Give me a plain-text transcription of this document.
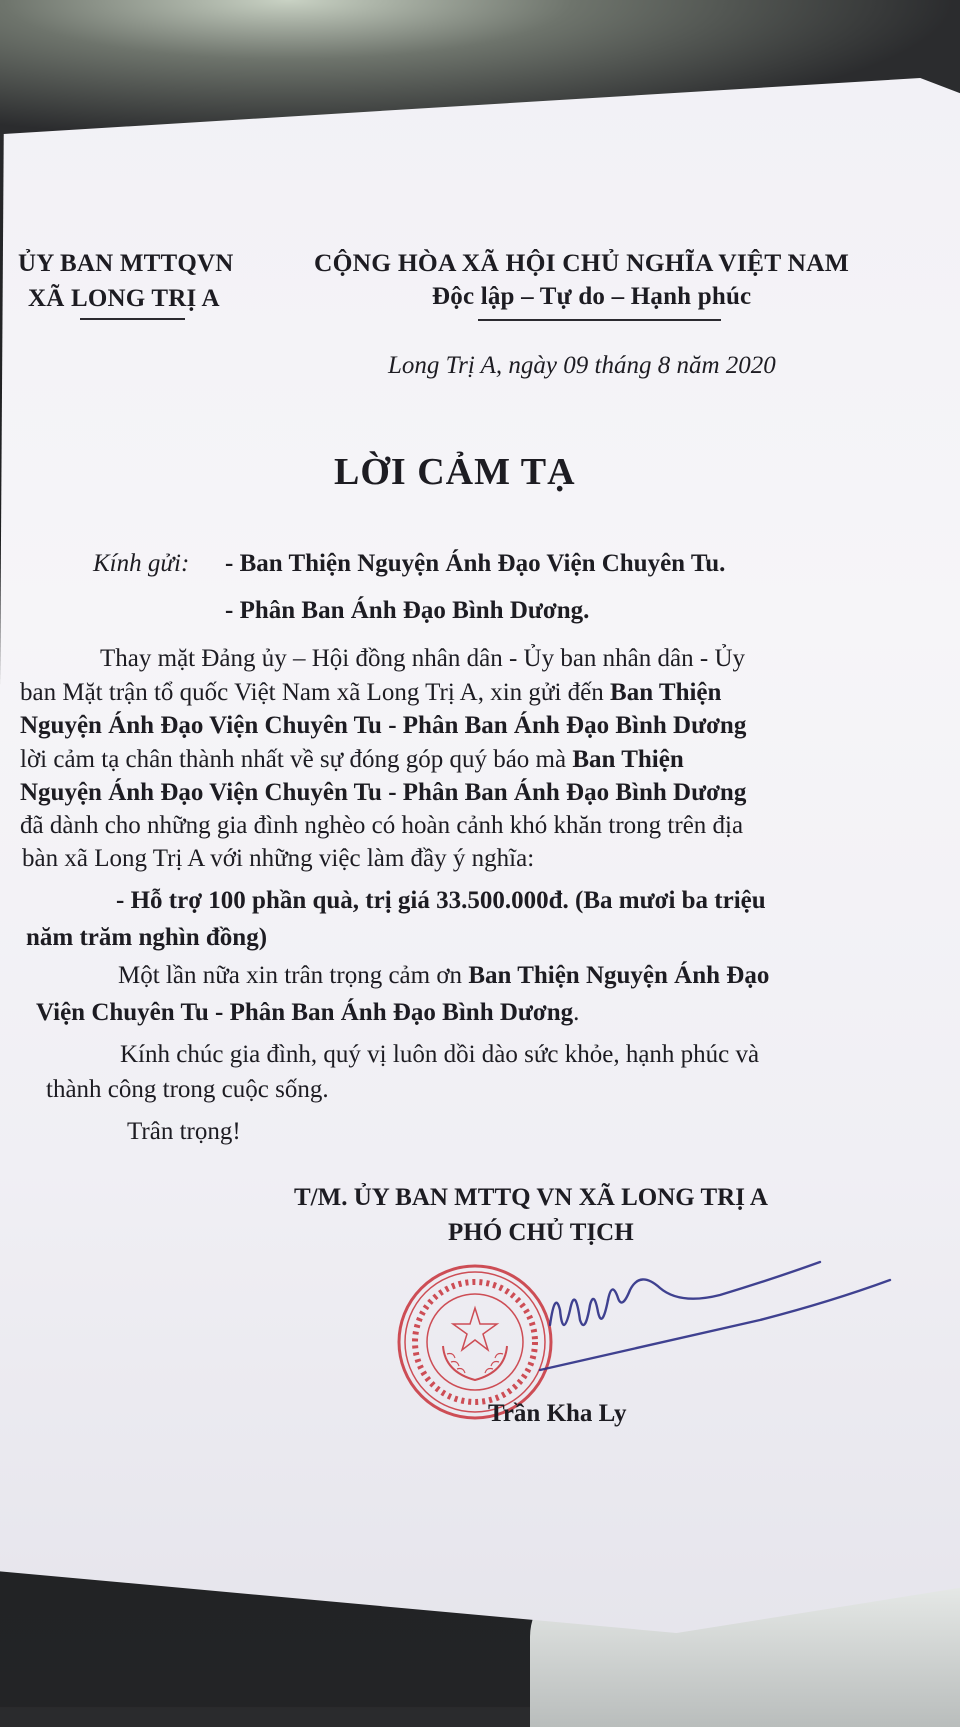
ỦY BAN MTTQVN
XÃ LONG TRỊ A
CỘNG HÒA XÃ HỘI CHỦ NGHĨA VIỆT NAM
Độc lập – Tự do – Hạnh phúc
Long Trị A, ngày 09 tháng 8 năm 2020
LỜI CẢM TẠ
Kính gửi: - Ban Thiện Nguyện Ánh Đạo Viện Chuyên Tu.
- Phân Ban Ánh Đạo Bình Dương.
Thay mặt Đảng ủy – Hội đồng nhân dân - Ủy ban nhân dân - Ủy
ban Mặt trận tổ quốc Việt Nam xã Long Trị A, xin gửi đến Ban Thiện
Nguyện Ánh Đạo Viện Chuyên Tu - Phân Ban Ánh Đạo Bình Dương
lời cảm tạ chân thành nhất về sự đóng góp quý báo mà Ban Thiện
Nguyện Ánh Đạo Viện Chuyên Tu - Phân Ban Ánh Đạo Bình Dương
đã dành cho những gia đình nghèo có hoàn cảnh khó khăn trong trên địa
bàn xã Long Trị A với những việc làm đầy ý nghĩa:
- Hỗ trợ 100 phần quà, trị giá 33.500.000đ. (Ba mươi ba triệu
năm trăm nghìn đồng)
Một lần nữa xin trân trọng cảm ơn Ban Thiện Nguyện Ánh Đạo
Viện Chuyên Tu - Phân Ban Ánh Đạo Bình Dương.
Kính chúc gia đình, quý vị luôn dồi dào sức khỏe, hạnh phúc và
thành công trong cuộc sống.
Trân trọng!
T/M. ỦY BAN MTTQ VN XÃ LONG TRỊ A
PHÓ CHỦ TỊCH
Trần Kha Ly
